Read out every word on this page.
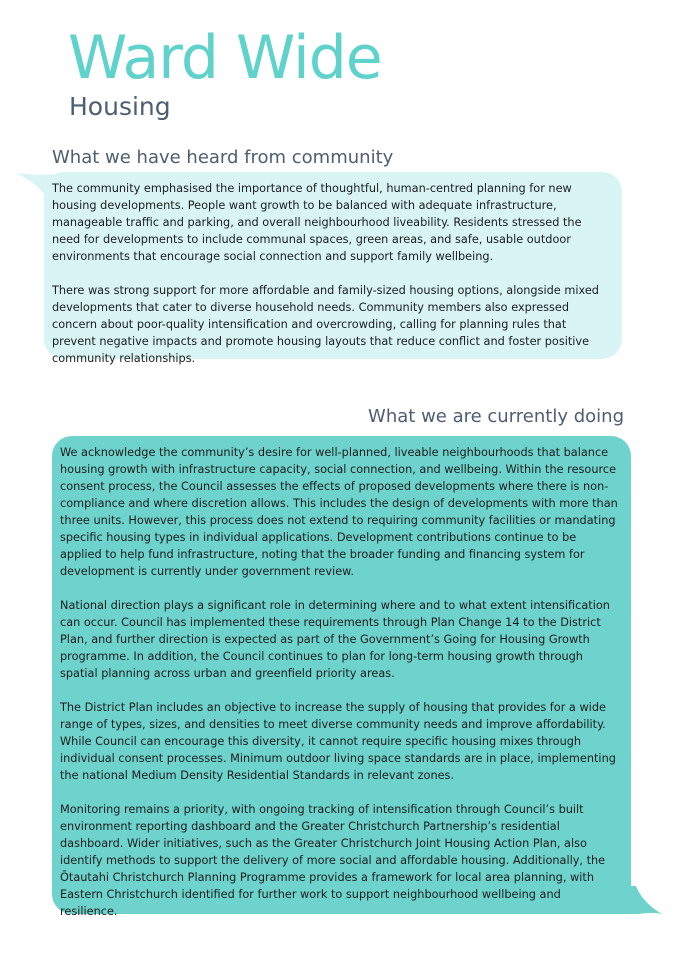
Ward Wide
Housing
What we have heard from community

The community emphasised the importance of thoughtful, human-centred planning for new housing developments. People want growth to be balanced with adequate infrastructure, manageable traffic and parking, and overall neighbourhood liveability. Residents stressed the need for developments to include communal spaces, green areas, and safe, usable outdoor environments that encourage social connection and support family wellbeing.

There was strong support for more affordable and family-sized housing options, alongside mixed developments that cater to diverse household needs. Community members also expressed concern about poor-quality intensification and overcrowding, calling for planning rules that prevent negative impacts and promote housing layouts that reduce conflict and foster positive community relationships.

What we are currently doing

We acknowledge the community’s desire for well-planned, liveable neighbourhoods that balance housing growth with infrastructure capacity, social connection, and wellbeing. Within the resource consent process, the Council assesses the effects of proposed developments where there is non-compliance and where discretion allows. This includes the design of developments with more than three units. However, this process does not extend to requiring community facilities or mandating specific housing types in individual applications. Development contributions continue to be applied to help fund infrastructure, noting that the broader funding and financing system for development is currently under government review.

National direction plays a significant role in determining where and to what extent intensification can occur. Council has implemented these requirements through Plan Change 14 to the District Plan, and further direction is expected as part of the Government’s Going for Housing Growth programme. In addition, the Council continues to plan for long-term housing growth through spatial planning across urban and greenfield priority areas.

The District Plan includes an objective to increase the supply of housing that provides for a wide range of types, sizes, and densities to meet diverse community needs and improve affordability. While Council can encourage this diversity, it cannot require specific housing mixes through individual consent processes. Minimum outdoor living space standards are in place, implementing the national Medium Density Residential Standards in relevant zones.

Monitoring remains a priority, with ongoing tracking of intensification through Council’s built environment reporting dashboard and the Greater Christchurch Partnership’s residential dashboard. Wider initiatives, such as the Greater Christchurch Joint Housing Action Plan, also identify methods to support the delivery of more social and affordable housing. Additionally, the Ōtautahi Christchurch Planning Programme provides a framework for local area planning, with Eastern Christchurch identified for further work to support neighbourhood wellbeing and resilience.
